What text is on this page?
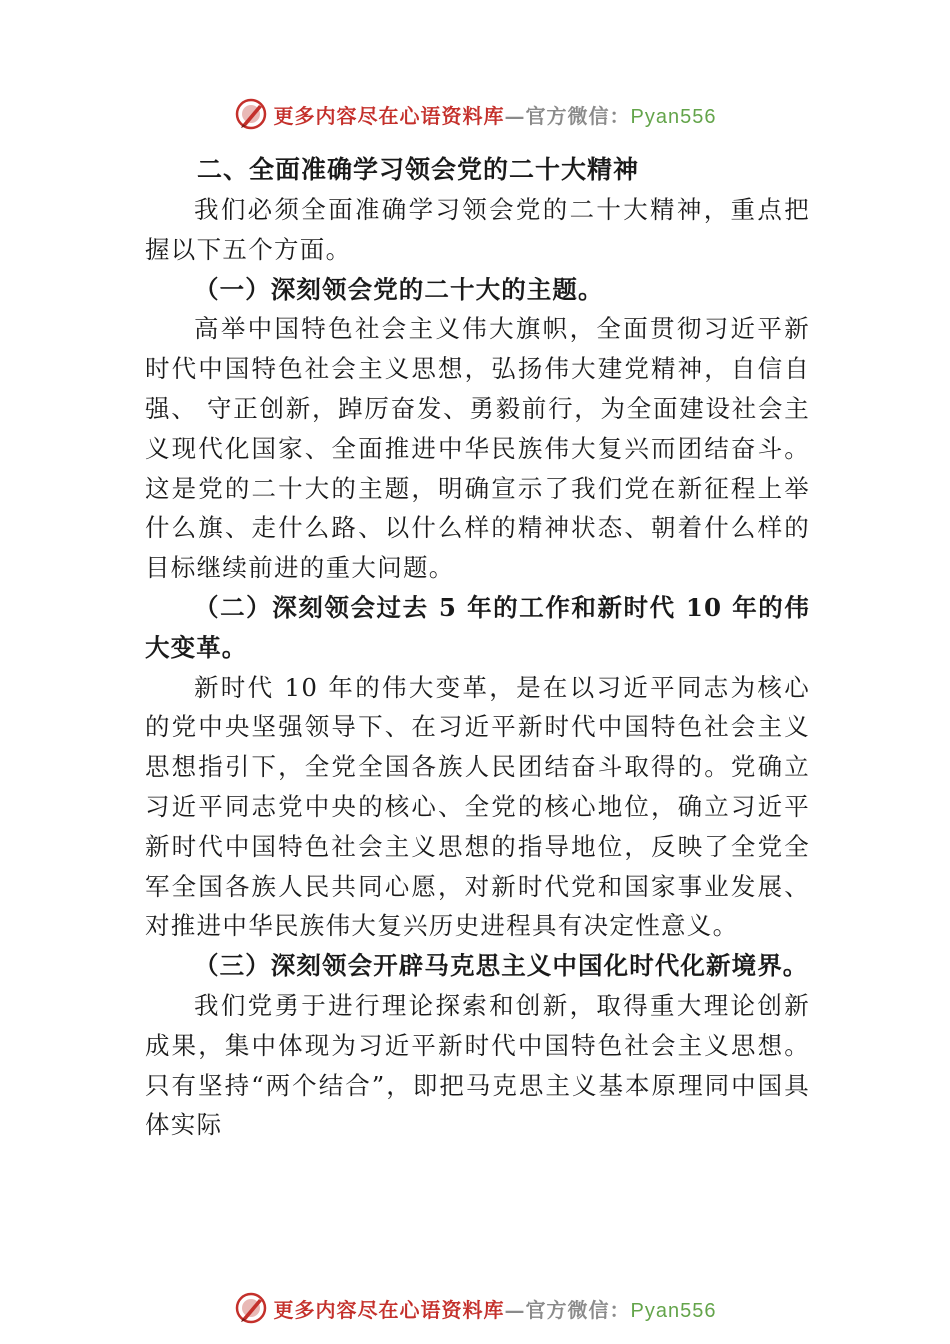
更多内容尽在心语资料库—官方微信：Pyan556
二、全面准确学习领会党的二十大精神

我们必须全面准确学习领会党的二十大精神，重点把握以下五个方面。

（一）深刻领会党的二十大的主题。

高举中国特色社会主义伟大旗帜，全面贯彻习近平新时代中国特色社会主义思想，弘扬伟大建党精神，自信自强、 守正创新，踔厉奋发、勇毅前行，为全面建设社会主义现代化国家、全面推进中华民族伟大复兴而团结奋斗。这是党的二十大的主题，明确宣示了我们党在新征程上举什么旗、走什么路、以什么样的精神状态、朝着什么样的目标继续前进的重大问题。

（二）深刻领会过去 5 年的工作和新时代 10 年的伟大变革。

新时代 10 年的伟大变革，是在以习近平同志为核心的党中央坚强领导下、在习近平新时代中国特色社会主义思想指引下，全党全国各族人民团结奋斗取得的。党确立习近平同志党中央的核心、全党的核心地位，确立习近平新时代中国特色社会主义思想的指导地位，反映了全党全军全国各族人民共同心愿，对新时代党和国家事业发展、对推进中华民族伟大复兴历史进程具有决定性意义。

（三）深刻领会开辟马克思主义中国化时代化新境界。

我们党勇于进行理论探索和创新，取得重大理论创新成果，集中体现为习近平新时代中国特色社会主义思想。只有坚持“两个结合”，即把马克思主义基本原理同中国具体实际

更多内容尽在心语资料库—官方微信：Pyan556
